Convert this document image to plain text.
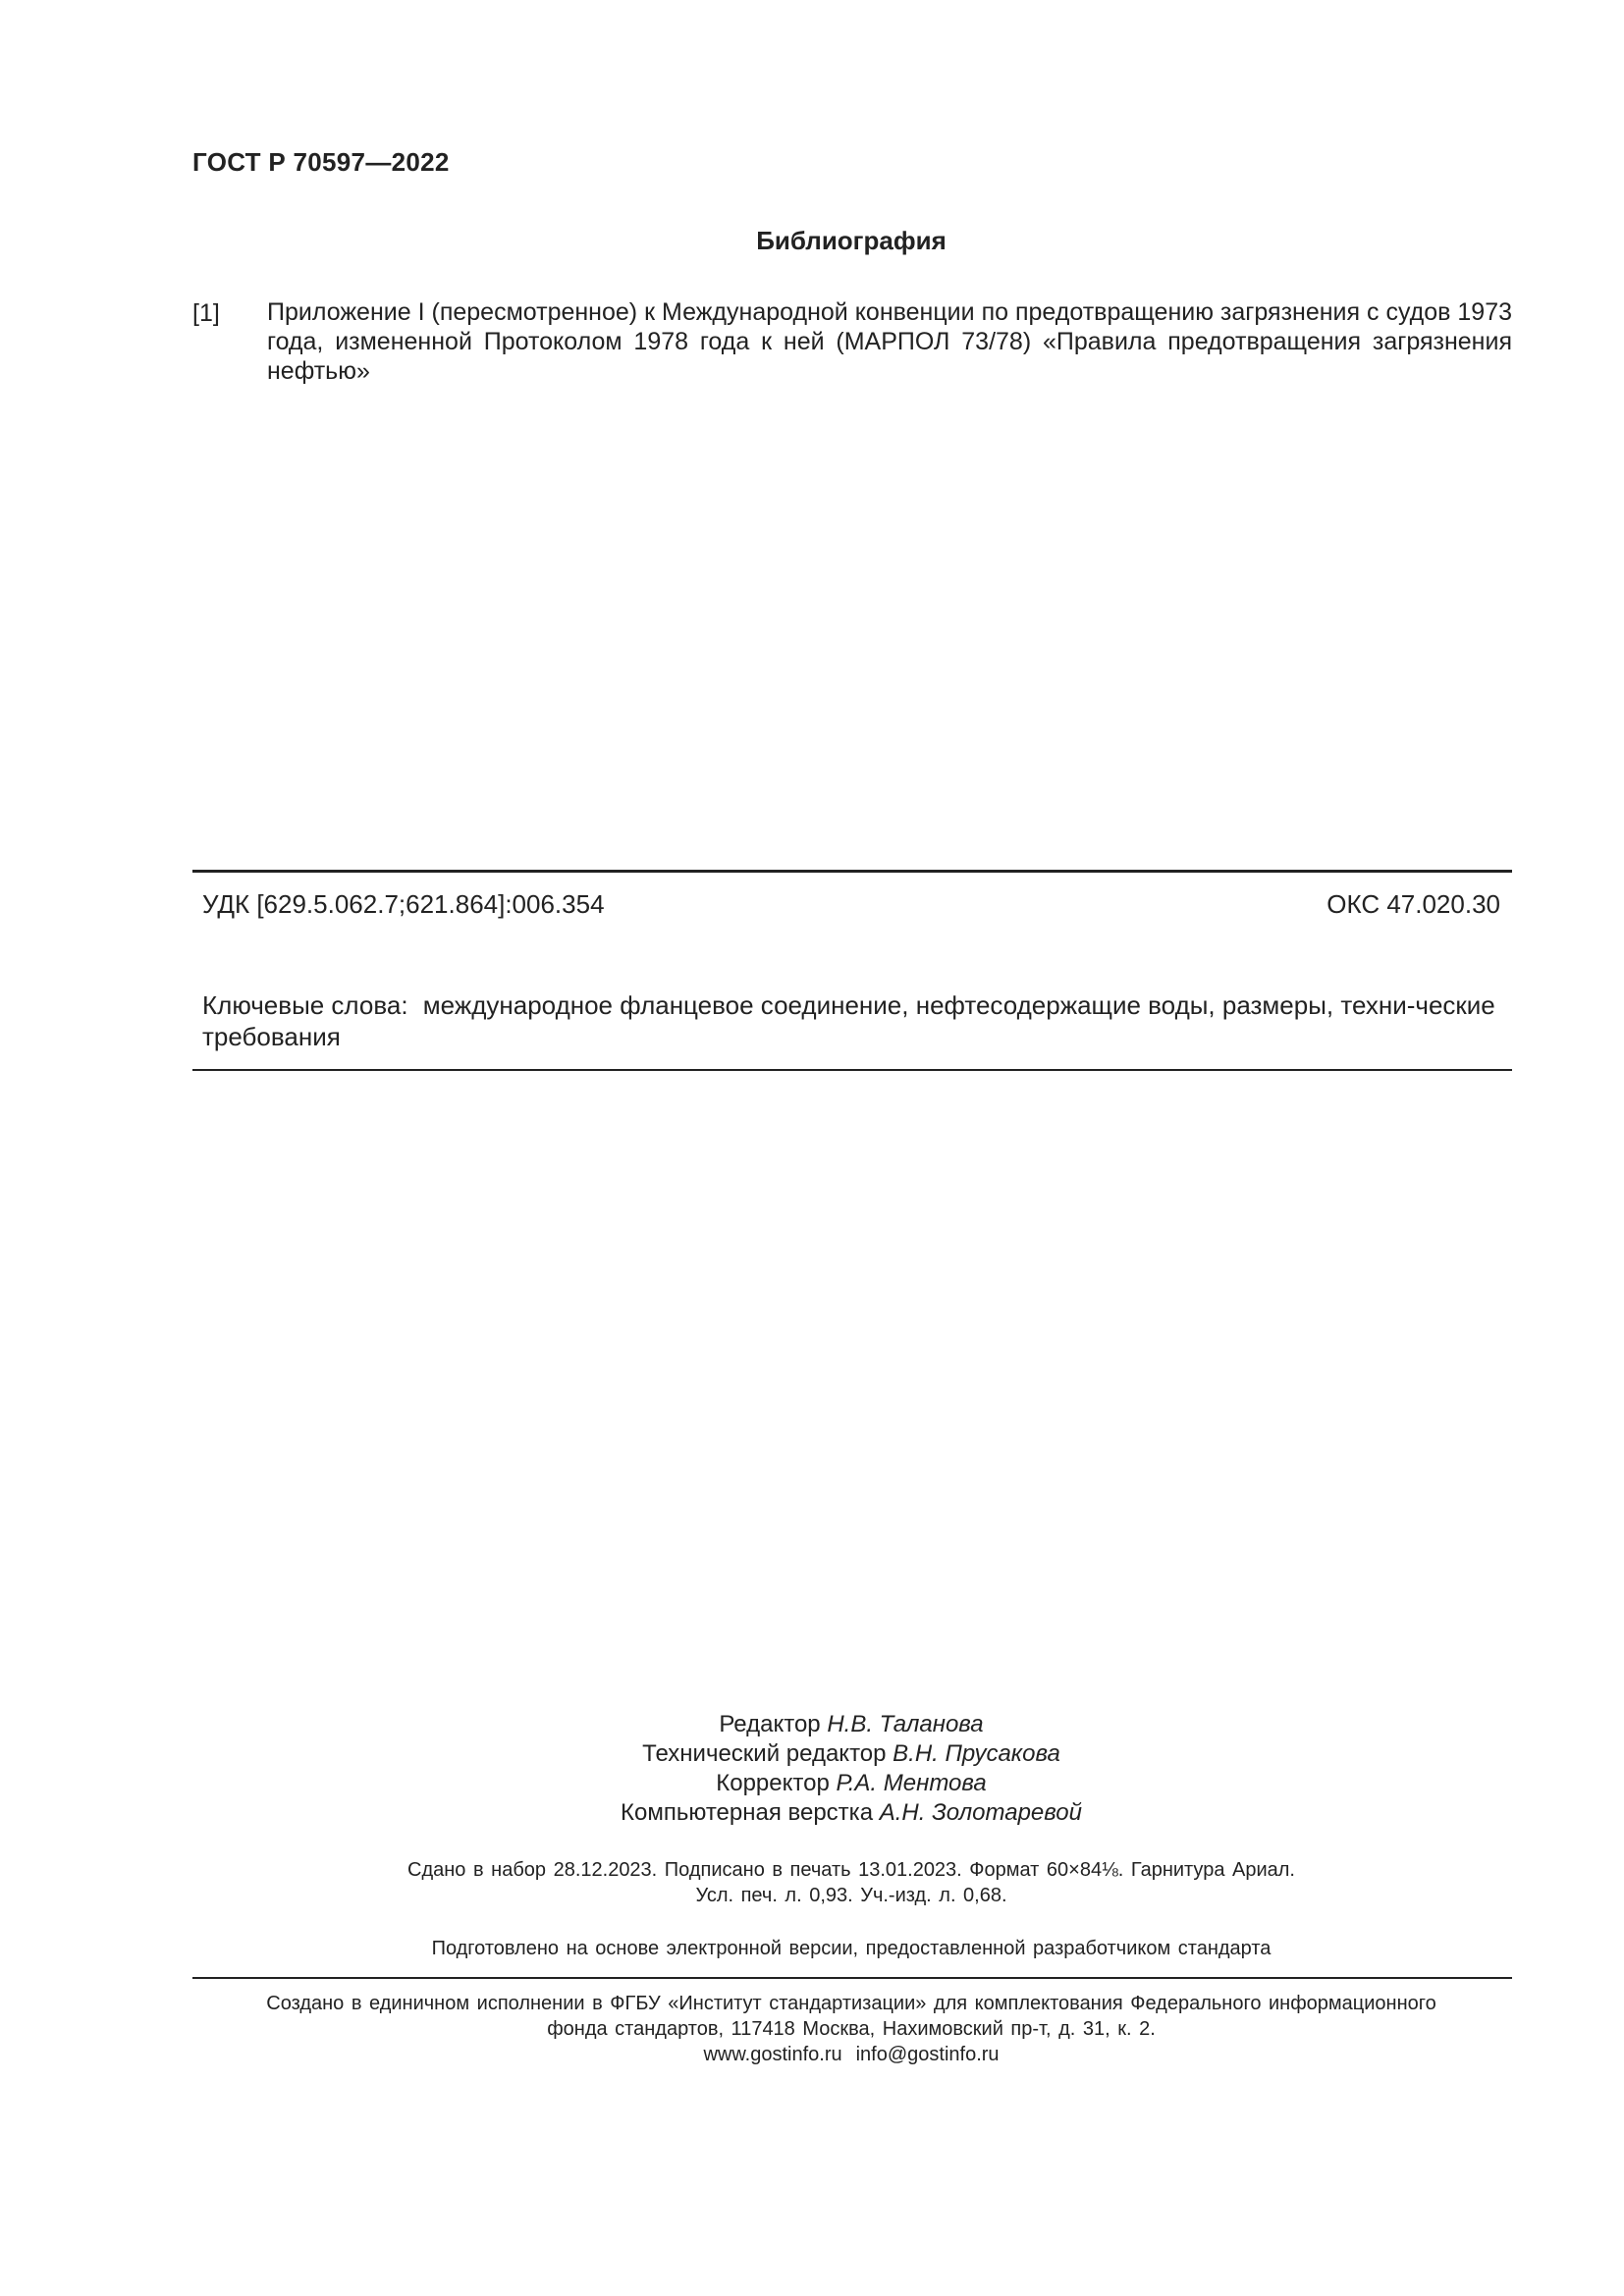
ГОСТ Р 70597—2022
Библиография
[1] Приложение I (пересмотренное) к Международной конвенции по предотвращению загрязнения с судов 1973 года, измененной Протоколом 1978 года к ней (МАРПОЛ 73/78) «Правила предотвращения загрязнения нефтью»
УДК [629.5.062.7;621.864]:006.354	ОКС 47.020.30
Ключевые слова: международное фланцевое соединение, нефтесодержащие воды, размеры, техни-ческие требования
Редактор Н.В. Таланова
Технический редактор В.Н. Прусакова
Корректор Р.А. Ментова
Компьютерная верстка А.Н. Золотаревой
Сдано в набор 28.12.2023. Подписано в печать 13.01.2023. Формат 60×84⅛. Гарнитура Ариал.
Усл. печ. л. 0,93. Уч.-изд. л. 0,68.
Подготовлено на основе электронной версии, предоставленной разработчиком стандарта
Создано в единичном исполнении в ФГБУ «Институт стандартизации» для комплектования Федерального информационного
фонда стандартов, 117418 Москва, Нахимовский пр-т, д. 31, к. 2.
www.gostinfo.ru info@gostinfo.ru
